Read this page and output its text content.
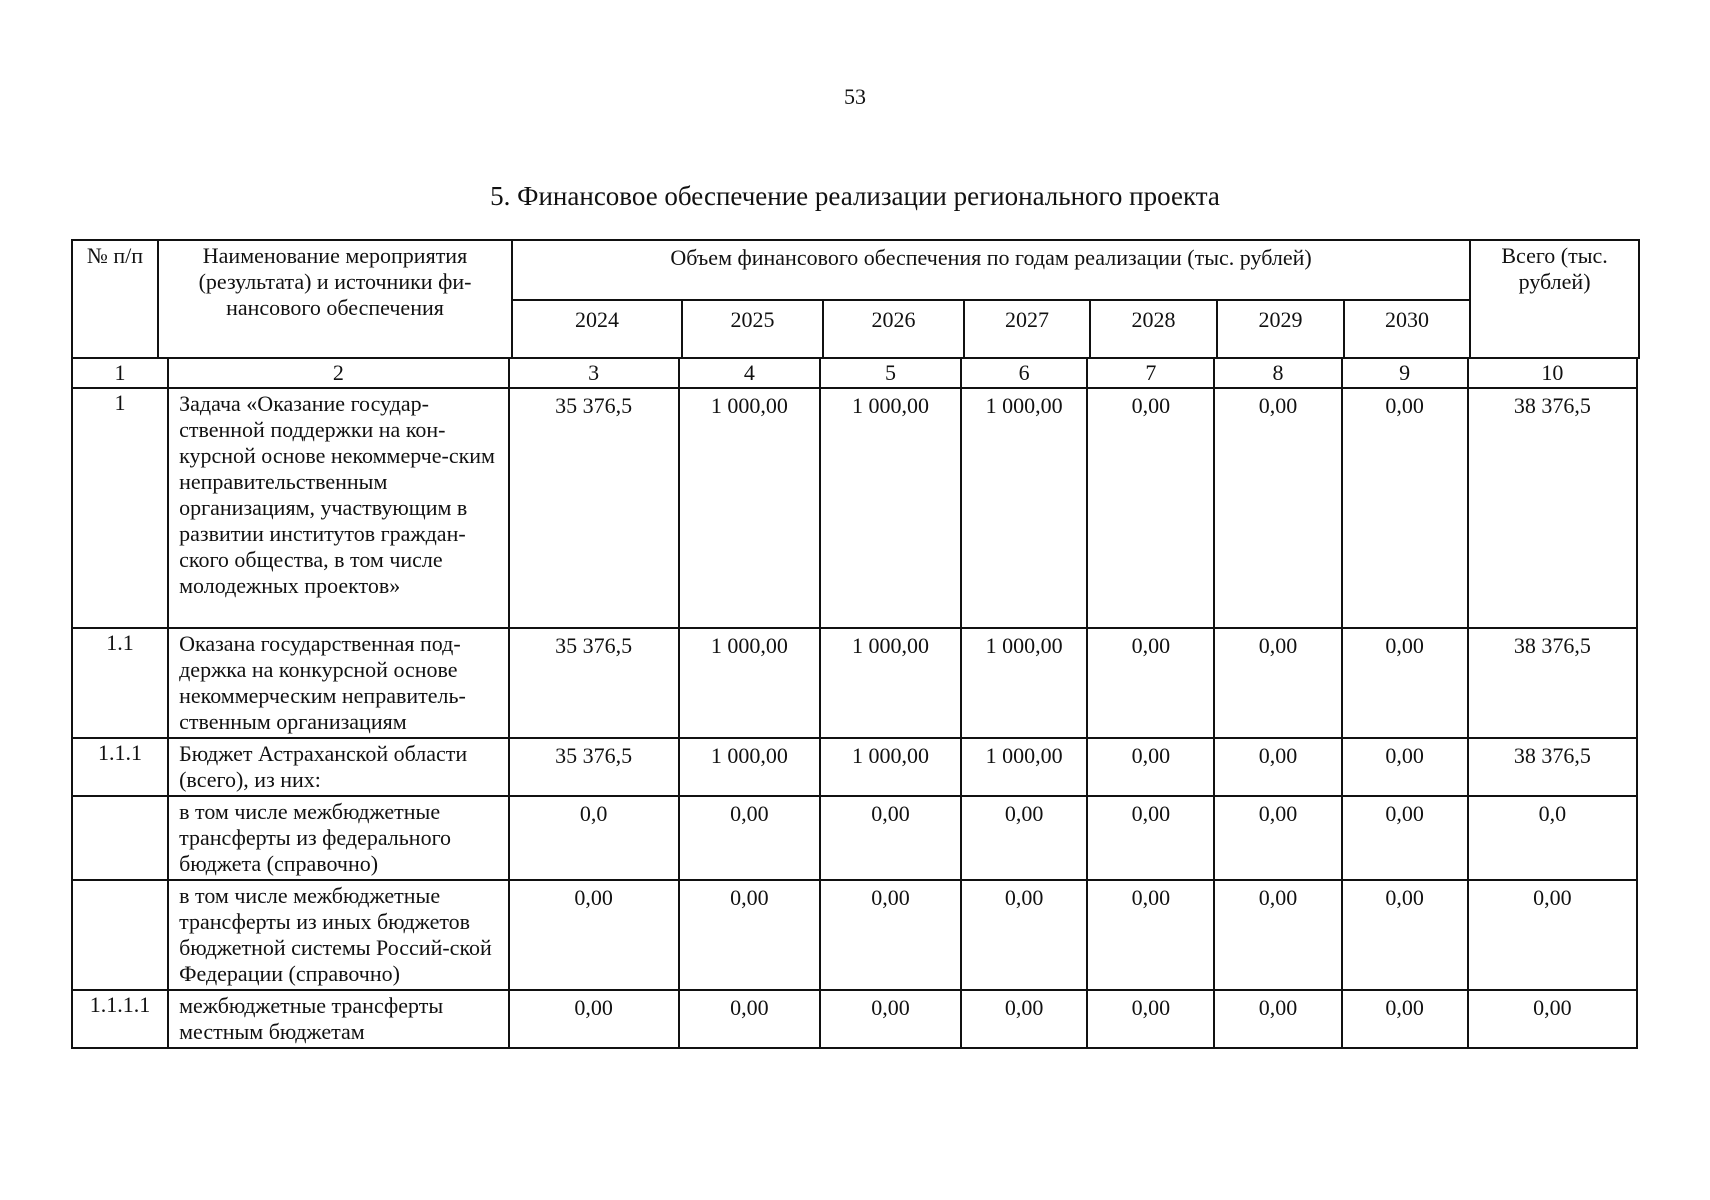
53
5. Финансовое обеспечение реализации регионального проекта
№ п/п	Наименование мероприятия (результата) и источники фи-нансового обеспечения	Объем финансового обеспечения по годам реализации (тыс. рублей)							Всего (тыс. рублей)
		2024	2025	2026	2027	2028	2029	2030	
1	2	3	4	5	6	7	8	9	10
1	Задача «Оказание государ-ственной поддержки на кон-курсной основе некоммерче-ским неправительственным организациям, участвующим в развитии институтов граждан-ского общества, в том числе молодежных проектов»	35 376,5	1 000,00	1 000,00	1 000,00	0,00	0,00	0,00	38 376,5
1.1	Оказана государственная под-держка на конкурсной основе некоммерческим неправитель-ственным организациям	35 376,5	1 000,00	1 000,00	1 000,00	0,00	0,00	0,00	38 376,5
1.1.1	Бюджет Астраханской области (всего), из них:	35 376,5	1 000,00	1 000,00	1 000,00	0,00	0,00	0,00	38 376,5
	в том числе межбюджетные трансферты из федерального бюджета (справочно)	0,0	0,00	0,00	0,00	0,00	0,00	0,00	0,0
	в том числе межбюджетные трансферты из иных бюджетов бюджетной системы Россий-ской Федерации (справочно)	0,00	0,00	0,00	0,00	0,00	0,00	0,00	0,00
1.1.1.1	межбюджетные трансферты местным бюджетам	0,00	0,00	0,00	0,00	0,00	0,00	0,00	0,00
